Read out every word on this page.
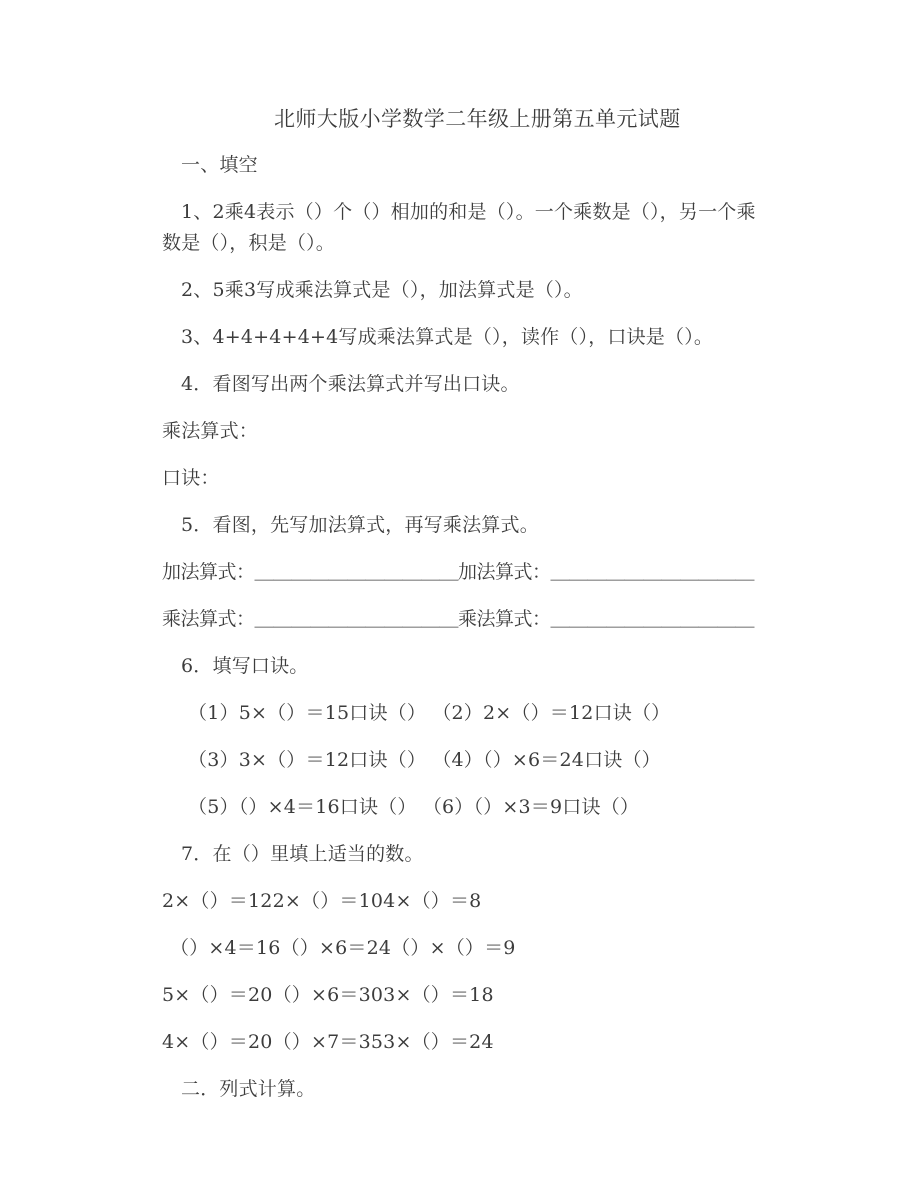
北师大版小学数学二年级上册第五单元试题

一、填空

1、2乘4表示（）个（）相加的和是（）。一个乘数是（），另一个乘数是（），积是（）。

2、5乘3写成乘法算式是（），加法算式是（）。

3、4+4+4+4+4写成乘法算式是（），读作（），口诀是（）。

4．看图写出两个乘法算式并写出口诀。

乘法算式：

口诀：

5．看图，先写加法算式，再写乘法算式。

加法算式：＿＿＿＿＿＿＿＿＿＿＿加法算式：＿＿＿＿＿＿＿＿＿＿＿

乘法算式：＿＿＿＿＿＿＿＿＿＿＿乘法算式：＿＿＿＿＿＿＿＿＿＿＿

6．填写口诀。

（1）5×（）＝15口诀（） （2）2×（）＝12口诀（）

（3）3×（）＝12口诀（） （4）（）×6＝24口诀（）

（5）（）×4＝16口诀（） （6）（）×3＝9口诀（）

7．在（）里填上适当的数。

2×（）＝122×（）＝104×（）＝8

（）×4＝16（）×6＝24（）×（）＝9

5×（）＝20（）×6＝303×（）＝18

4×（）＝20（）×7＝353×（）＝24

二．列式计算。
